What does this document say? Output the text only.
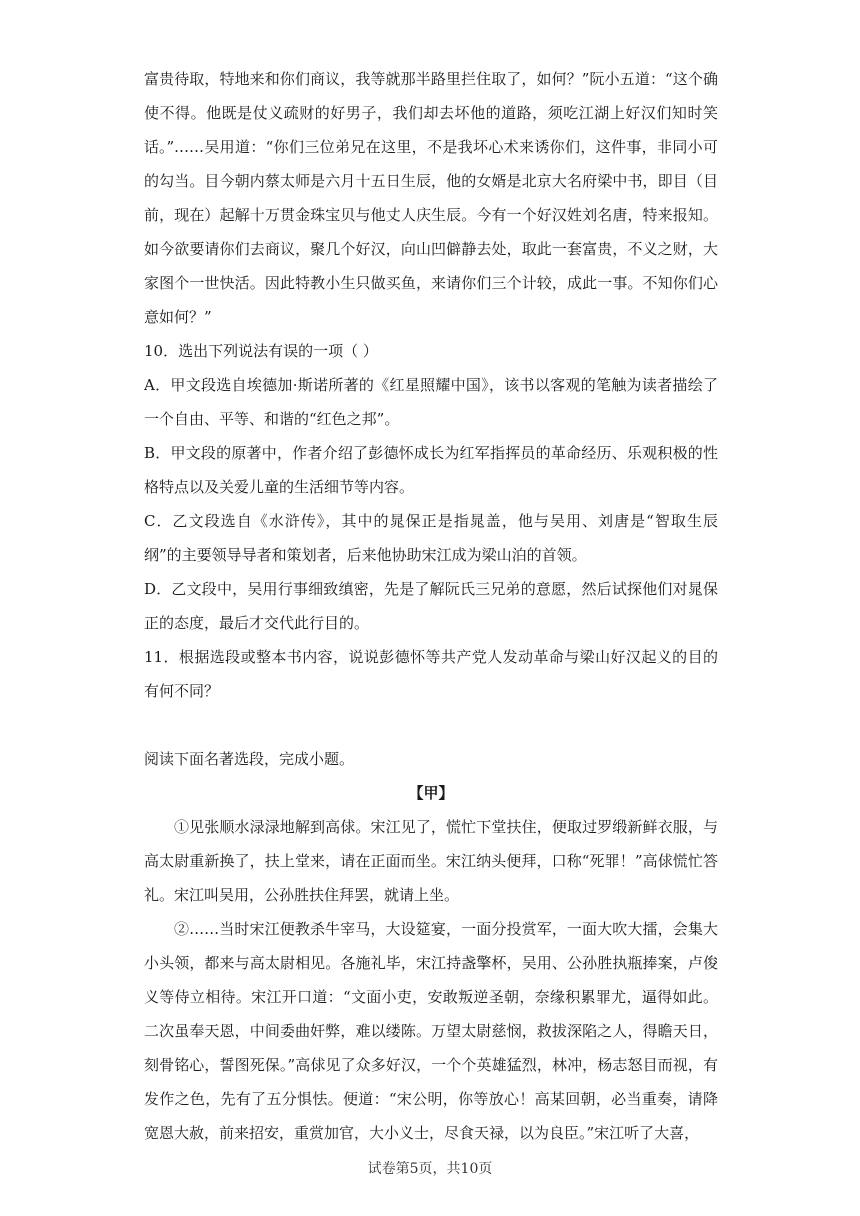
富贵待取，特地来和你们商议，我等就那半路里拦住取了，如何？”阮小五道：“这个确使不得。他既是仗义疏财的好男子，我们却去坏他的道路，须吃江湖上好汉们知时笑话。” ……吴用道：“你们三位弟兄在这里，不是我坏心术来诱你们，这件事，非同小可的勾当。目今朝内蔡太师是六月十五日生辰，他的女婿是北京大名府梁中书，即目（目前，现在）起解十万贯金珠宝贝与他丈人庆生辰。今有一个好汉姓刘名唐，特来报知。如今欲要请你们去商议，聚几个好汉，向山凹僻静去处，取此一套富贵，不义之财，大家图个一世快活。因此特教小生只做买鱼，来请你们三个计较，成此一事。不知你们心意如何？”

10．选出下列说法有误的一项（ ）

A．甲文段选自埃德加·斯诺所著的《红星照耀中国》，该书以客观的笔触为读者描绘了一个自由、平等、和谐的“红色之邦”。

B．甲文段的原著中，作者介绍了彭德怀成长为红军指挥员的革命经历、乐观积极的性格特点以及关爱儿童的生活细节等内容。

C．乙文段选自《水浒传》，其中的晁保正是指晁盖，他与吴用、刘唐是“智取生辰纲”的主要领导导者和策划者，后来他协助宋江成为梁山泊的首领。

D．乙文段中，吴用行事细致缜密，先是了解阮氏三兄弟的意愿，然后试探他们对晁保正的态度，最后才交代此行目的。

11．根据选段或整本书内容，说说彭德怀等共产党人发动革命与梁山好汉起义的目的有何不同？

阅读下面名著选段，完成小题。

【甲】

①见张顺水渌渌地解到高俅。宋江见了，慌忙下堂扶住，便取过罗缎新鲜衣服，与高太尉重新换了，扶上堂来，请在正面而坐。宋江纳头便拜，口称“死罪！”高俅慌忙答礼。宋江叫吴用，公孙胜扶住拜罢，就请上坐。

②……当时宋江便教杀牛宰马，大设筵宴，一面分投赏军，一面大吹大擂，会集大小头领，都来与高太尉相见。各施礼毕，宋江持盏擎杯，吴用、公孙胜执瓶捧案，卢俊义等侍立相待。宋江开口道：“文面小吏，安敢叛逆圣朝，奈缘积累罪尤，逼得如此。二次虽奉天恩，中间委曲奸弊，难以缕陈。万望太尉慈悯，救拔深陷之人，得瞻天日，刻骨铭心，誓图死保。”高俅见了众多好汉，一个个英雄猛烈，林冲，杨志怒目而视，有发作之色，先有了五分惧怯。便道：“宋公明，你等放心！高某回朝，必当重奏，请降宽恩大赦，前来招安，重赏加官，大小义士，尽食天禄，以为良臣。”宋江听了大喜，

试卷第5页，共10页
